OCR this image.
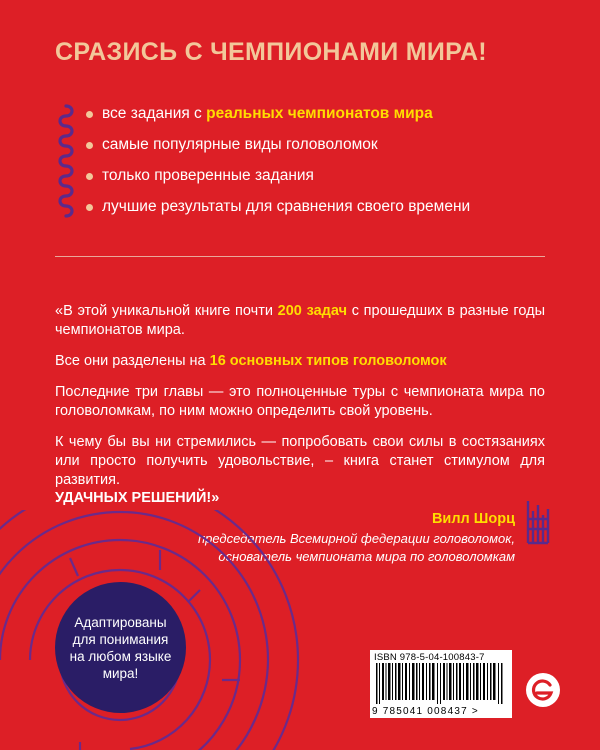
СРАЗИСЬ С ЧЕМПИОНАМИ МИРА!
все задания с реальных чемпионатов мира
самые популярные виды головоломок
только проверенные задания
лучшие результаты для сравнения своего времени

«В этой уникальной книге почти 200 задач с прошедших в разные годы чемпионатов мира.

Все они разделены на 16 основных типов головоломок

Последние три главы — это полноценные туры с чемпионата мира по головоломкам, по ним можно определить свой уровень.

К чему бы вы ни стремились — попробовать свои силы в состязаниях или просто получить удовольствие, – книга станет стимулом для развития.

УДАЧНЫХ РЕШЕНИЙ!»
Вилл Шорц
председатель Всемирной федерации головоломок,
основатель чемпионата мира по головоломкам
Адаптированы для понимания на любом языке мира!
ISBN 978-5-04-100843-7
9 785041 008437 >
